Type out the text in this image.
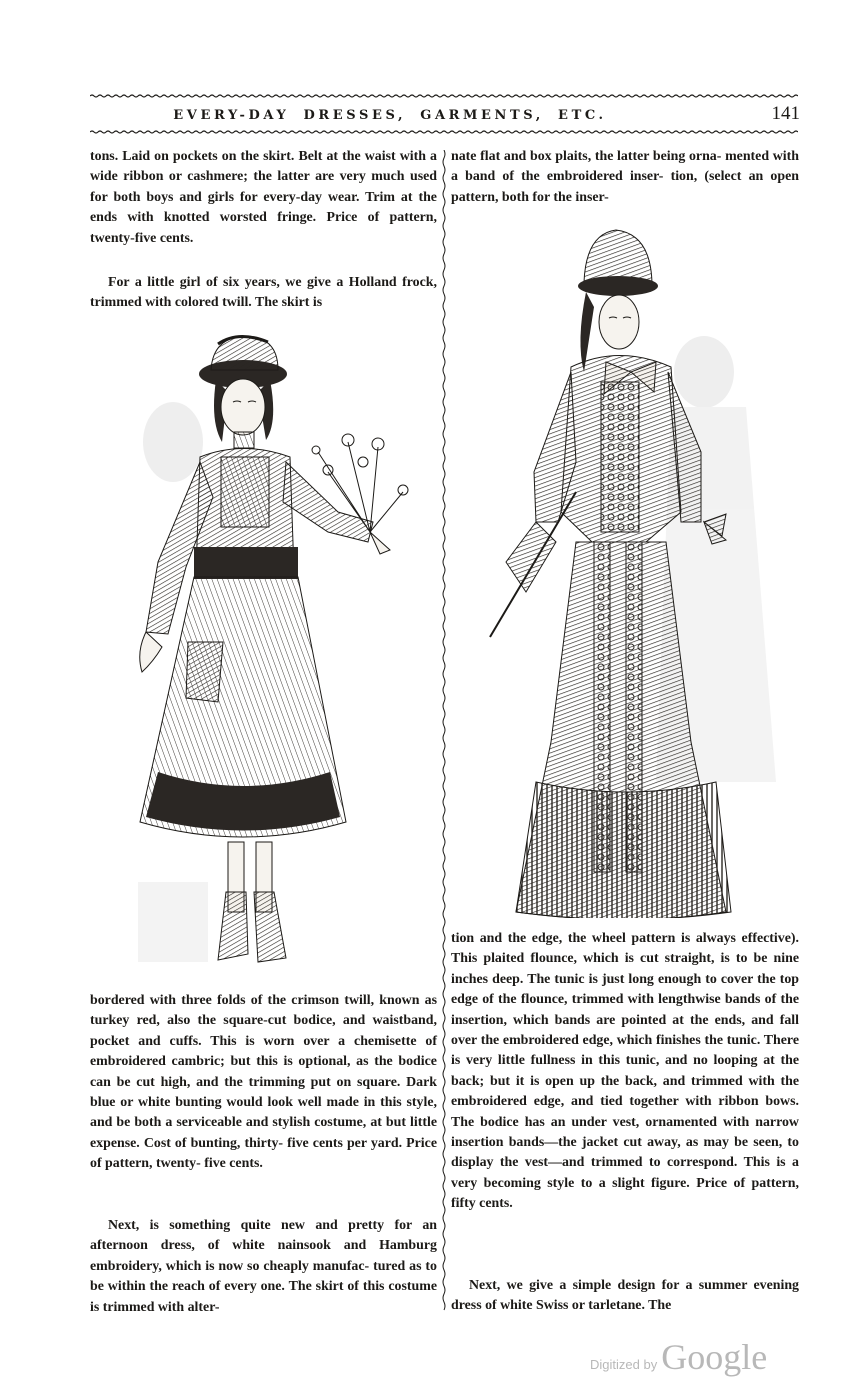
EVERY-DAY DRESSES, GARMENTS, ETC.	141

tons. Laid on pockets on the skirt. Belt at the waist with a wide ribbon or cashmere; the latter are very much used for both boys and girls for every-day wear. Trim at the ends with knotted worsted fringe. Price of pattern, twenty-five cents.

For a little girl of six years, we give a Holland frock, trimmed with colored twill. The skirt is

bordered with three folds of the crimson twill, known as turkey red, also the square-cut bodice, and waistband, pocket and cuffs. This is worn over a chemisette of embroidered cambric; but this is optional, as the bodice can be cut high, and the trimming put on square. Dark blue or white bunting would look well made in this style, and be both a serviceable and stylish costume, at but little expense. Cost of bunting, thirty- five cents per yard. Price of pattern, twenty- five cents.

Next, is something quite new and pretty for an afternoon dress, of white nainsook and Hamburg embroidery, which is now so cheaply manufac- tured as to be within the reach of every one. The skirt of this costume is trimmed with alter-

nate flat and box plaits, the latter being orna- mented with a band of the embroidered inser- tion, (select an open pattern, both for the inser-

tion and the edge, the wheel pattern is always effective). This plaited flounce, which is cut straight, is to be nine inches deep. The tunic is just long enough to cover the top edge of the flounce, trimmed with lengthwise bands of the insertion, which bands are pointed at the ends, and fall over the embroidered edge, which finishes the tunic. There is very little fullness in this tunic, and no looping at the back; but it is open up the back, and trimmed with the embroidered edge, and tied together with ribbon bows. The bodice has an under vest, ornamented with narrow insertion bands—the jacket cut away, as may be seen, to display the vest—and trimmed to correspond. This is a very becoming style to a slight figure. Price of pattern, fifty cents.

Next, we give a simple design for a summer evening dress of white Swiss or tarletane. The

Digitized by Google
